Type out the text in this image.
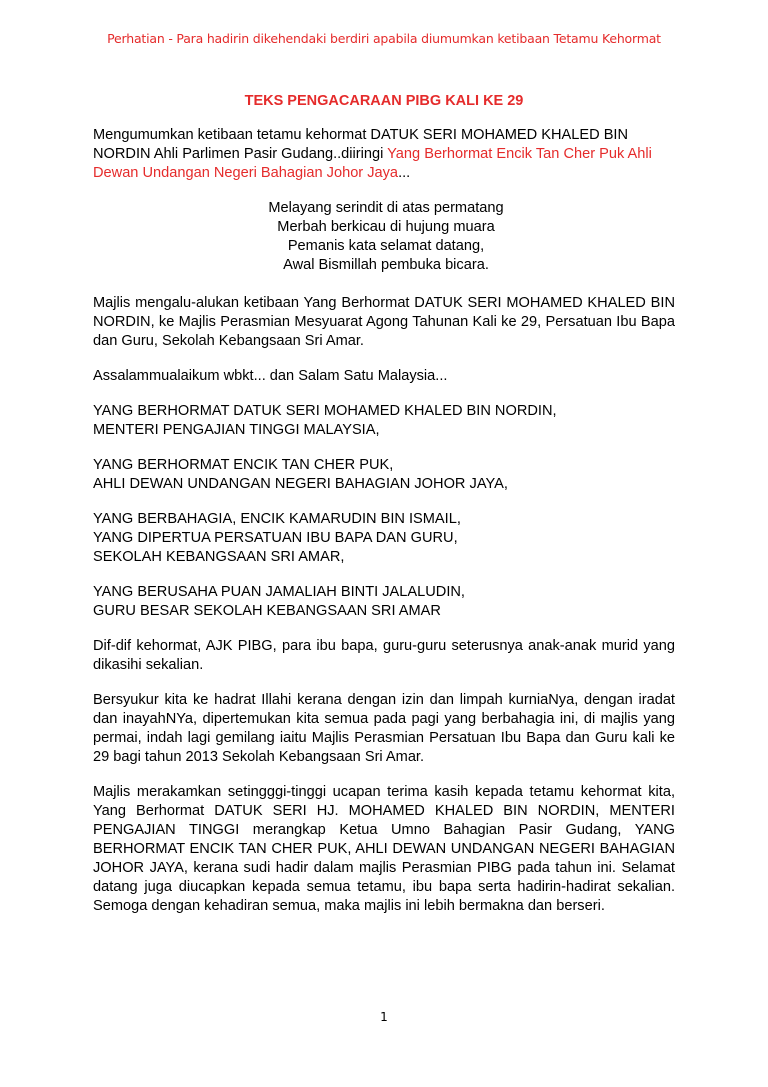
Perhatian - Para hadirin dikehendaki berdiri apabila diumumkan ketibaan Tetamu Kehormat
TEKS PENGACARAAN PIBG KALI KE 29

Mengumumkan ketibaan tetamu kehormat DATUK SERI MOHAMED KHALED BIN NORDIN Ahli Parlimen Pasir Gudang..diiringi Yang Berhormat Encik Tan Cher Puk Ahli Dewan Undangan Negeri Bahagian Johor Jaya...

Melayang serindit di atas permatang
Merbah berkicau di hujung muara
Pemanis kata selamat datang,
Awal Bismillah pembuka bicara.

Majlis mengalu-alukan ketibaan Yang Berhormat DATUK SERI MOHAMED KHALED BIN NORDIN, ke Majlis Perasmian Mesyuarat Agong Tahunan Kali ke 29, Persatuan Ibu Bapa dan Guru, Sekolah Kebangsaan Sri Amar.

Assalammualaikum wbkt... dan Salam Satu Malaysia...

YANG BERHORMAT DATUK SERI MOHAMED KHALED BIN NORDIN,
MENTERI PENGAJIAN TINGGI MALAYSIA,

YANG BERHORMAT ENCIK TAN CHER PUK,
AHLI DEWAN UNDANGAN NEGERI BAHAGIAN JOHOR JAYA,

YANG BERBAHAGIA, ENCIK KAMARUDIN BIN ISMAIL,
YANG DIPERTUA PERSATUAN IBU BAPA DAN GURU,
SEKOLAH KEBANGSAAN SRI AMAR,

YANG BERUSAHA PUAN JAMALIAH BINTI JALALUDIN,
GURU BESAR SEKOLAH KEBANGSAAN SRI AMAR

Dif-dif kehormat, AJK PIBG, para ibu bapa, guru-guru seterusnya anak-anak murid yang dikasihi sekalian.

Bersyukur kita ke hadrat Illahi kerana dengan izin dan limpah kurniaNya, dengan iradat dan inayahNYa, dipertemukan kita semua pada pagi yang berbahagia ini, di majlis yang permai, indah lagi gemilang iaitu Majlis Perasmian Persatuan Ibu Bapa dan Guru kali ke 29 bagi tahun 2013 Sekolah Kebangsaan Sri Amar.

Majlis merakamkan setingggi-tinggi ucapan terima kasih kepada tetamu kehormat kita, Yang Berhormat DATUK SERI HJ. MOHAMED KHALED BIN NORDIN, MENTERI PENGAJIAN TINGGI merangkap Ketua Umno Bahagian Pasir Gudang, YANG BERHORMAT ENCIK TAN CHER PUK, AHLI DEWAN UNDANGAN NEGERI BAHAGIAN JOHOR JAYA, kerana sudi hadir dalam majlis Perasmian PIBG pada tahun ini. Selamat datang juga diucapkan kepada semua tetamu, ibu bapa serta hadirin-hadirat sekalian. Semoga dengan kehadiran semua, maka majlis ini lebih bermakna dan berseri.

1
